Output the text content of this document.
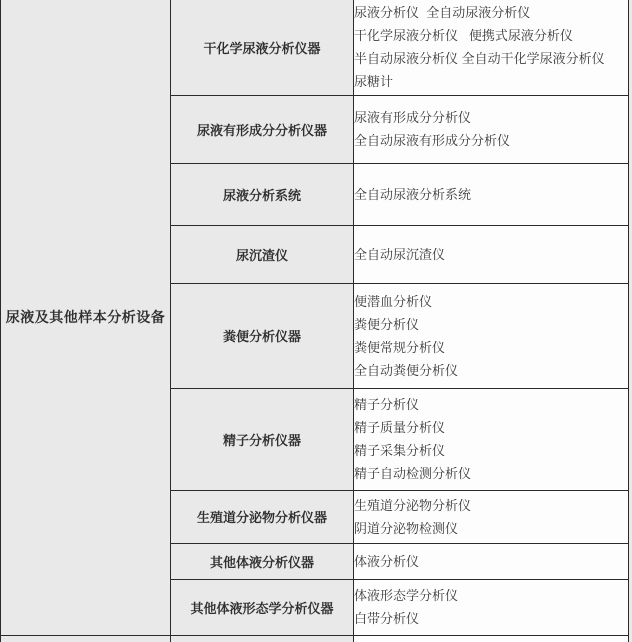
尿液及其他样本分析设备	干化学尿液分析仪器	尿液分析仪  全自动尿液分析仪
干化学尿液分析仪   便携式尿液分析仪
半自动尿液分析仪 全自动干化学尿液分析仪
尿糖计

	尿液有形成分分析仪器	尿液有形成分分析仪
全自动尿液有形成分分析仪

	尿液分析系统	全自动尿液分析系统

	尿沉渣仪	全自动尿沉渣仪

	粪便分析仪器	便潜血分析仪
粪便分析仪
粪便常规分析仪
全自动粪便分析仪

	精子分析仪器	精子分析仪
精子质量分析仪
精子采集分析仪
精子自动检测分析仪

	生殖道分泌物分析仪器	生殖道分泌物分析仪
阴道分泌物检测仪

	其他体液分析仪器	体液分析仪

	其他体液形态学分析仪器	体液形态学分析仪
白带分析仪
